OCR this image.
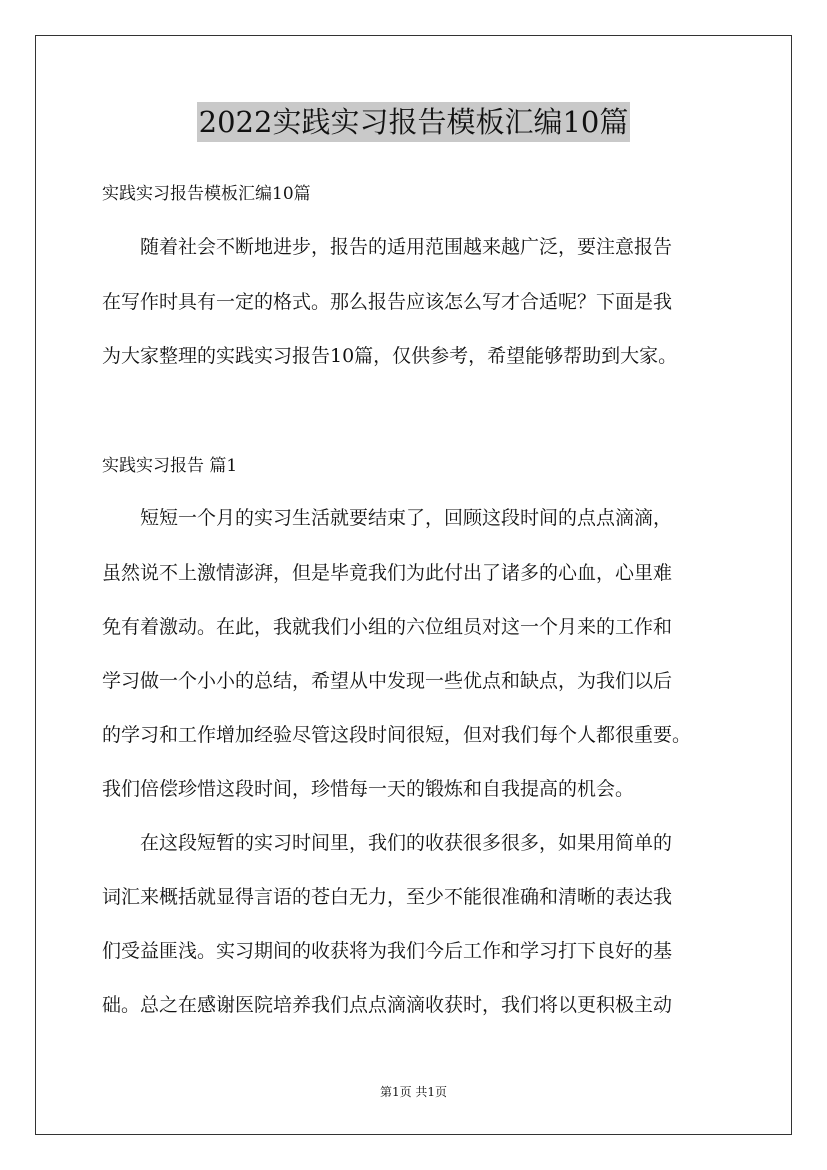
2022实践实习报告模板汇编10篇
实践实习报告模板汇编10篇
　　随着社会不断地进步，报告的适用范围越来越广泛，要注意报告
在写作时具有一定的格式。那么报告应该怎么写才合适呢？下面是我
为大家整理的实践实习报告10篇，仅供参考，希望能够帮助到大家。
实践实习报告 篇1
　　短短一个月的实习生活就要结束了，回顾这段时间的点点滴滴，
虽然说不上激情澎湃，但是毕竟我们为此付出了诸多的心血，心里难
免有着激动。在此，我就我们小组的六位组员对这一个月来的工作和
学习做一个小小的总结，希望从中发现一些优点和缺点，为我们以后
的学习和工作增加经验尽管这段时间很短，但对我们每个人都很重要。
我们倍偿珍惜这段时间，珍惜每一天的锻炼和自我提高的机会。
　　在这段短暂的实习时间里，我们的收获很多很多，如果用简单的
词汇来概括就显得言语的苍白无力，至少不能很准确和清晰的表达我
们受益匪浅。实习期间的收获将为我们今后工作和学习打下良好的基
础。总之在感谢医院培养我们点点滴滴收获时，我们将以更积极主动
第1页 共1页
